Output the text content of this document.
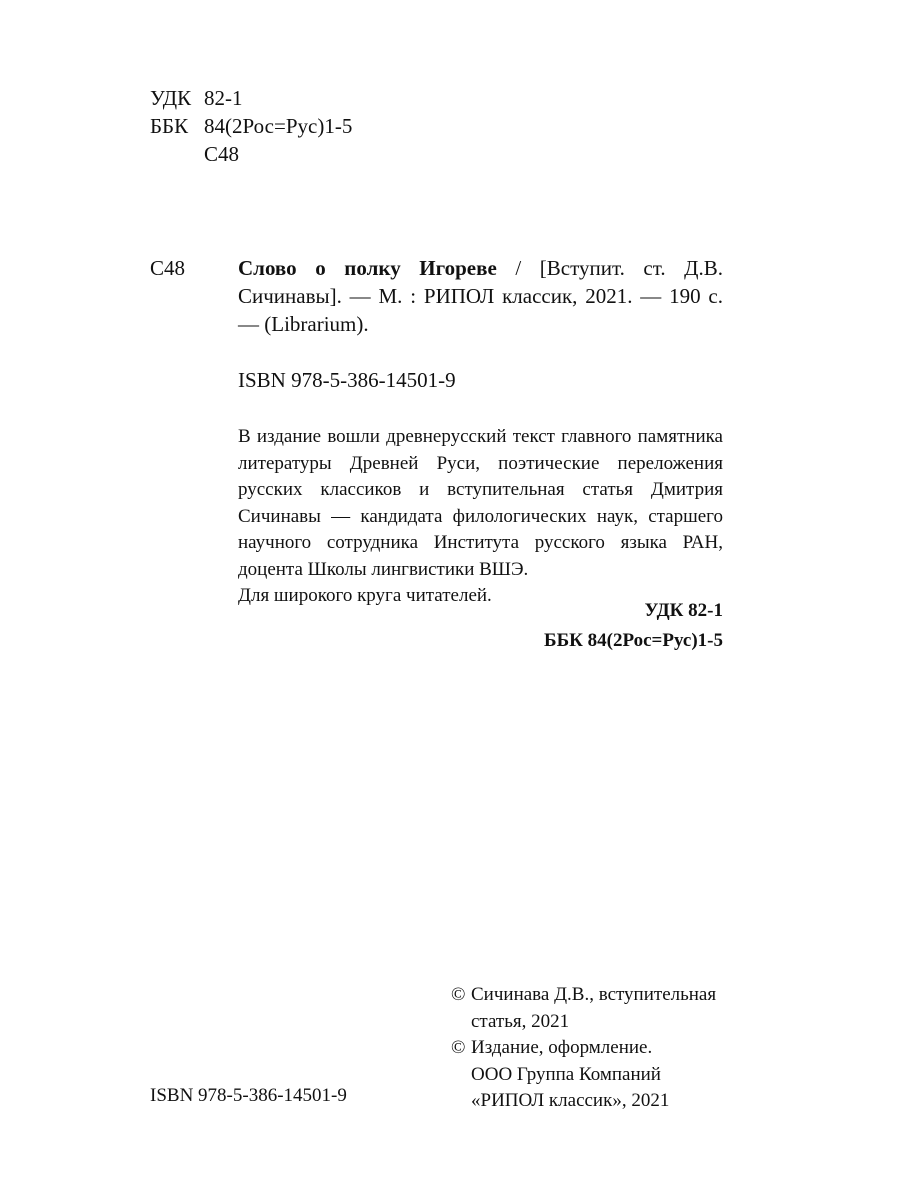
УДК 82-1
ББК 84(2Рос=Рус)1-5
С48
С48	Слово о полку Игореве / [Вступит. ст. Д.В. Сичинавы]. — М. : РИПОЛ классик, 2021. — 190 с. — (Librarium).
ISBN 978-5-386-14501-9

В издание вошли древнерусский текст главного памятника литературы Древней Руси, поэтические переложения русских классиков и вступительная статья Дмитрия Сичинавы — кандидата филологических наук, старшего научного сотрудника Института русского языка РАН, доцента Школы лингвистики ВШЭ.

Для широкого круга читателей.

УДК 82-1
ББК 84(2Рос=Рус)1-5
© Сичинава Д.В., вступительная
статья, 2021
© Издание, оформление.
ООО Группа Компаний
«РИПОЛ классик», 2021
ISBN 978-5-386-14501-9
